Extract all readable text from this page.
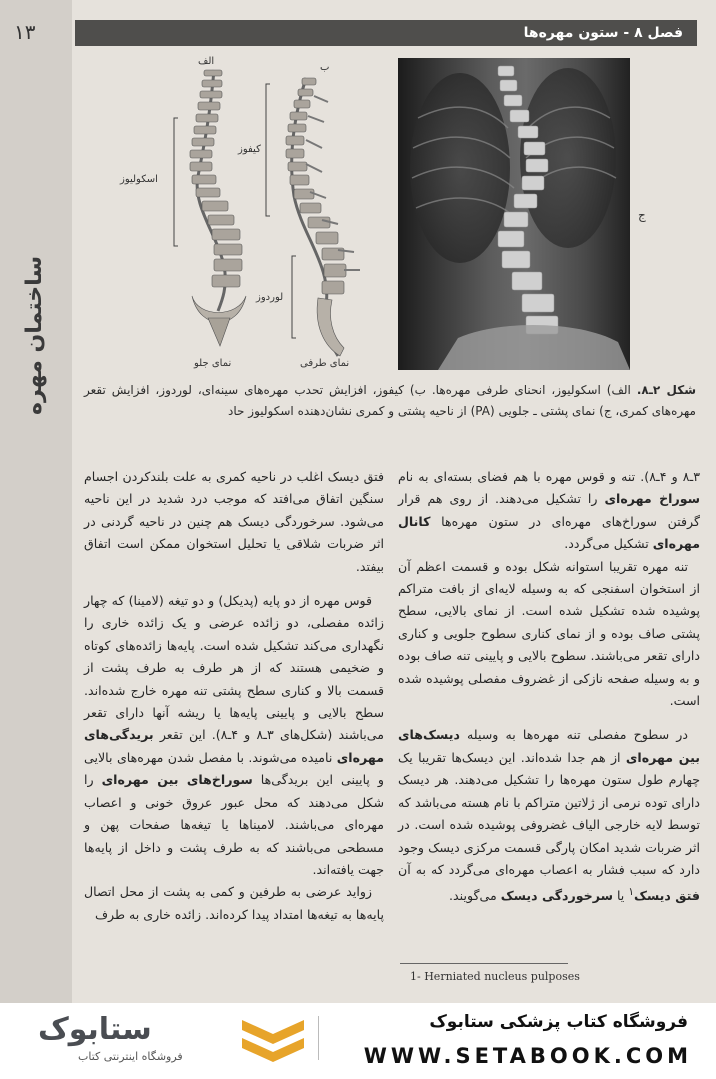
۱۳
ساختمان مهره
فصل ۸ - ستون مهره‌ها
الف
ب
اسکولیوز
کیفوز
لوردوز
نمای جلو	نمای طرفی
ج
شکل ۲ـ۸. الف) اسکولیوز، انحنای طرفی مهره‌ها. ب) کیفوز، افزایش تحدب مهره‌های سینه‌ای، لوردوز، افزایش تقعر مهره‌های کمری، ج) نمای پشتی ـ جلویی (PA) از ناحیه پشتی و کمری نشان‌دهنده اسکولیوز حاد

۳ـ۸ و ۴ـ۸). تنه و قوس مهره با هم فضای بسته‌ای به نام سوراخ مهره‌ای را تشکیل می‌دهند. از روی هم قرار گرفتن سوراخ‌های مهره‌ای در ستون مهره‌ها کانال مهره‌ای تشکیل می‌گردد.

تنه مهره تقریبا استوانه شکل بوده و قسمت اعظم آن از استخوان اسفنجی که به وسیله لایه‌ای از بافت متراکم پوشیده شده تشکیل شده است. از نمای بالایی، سطح پشتی صاف بوده و از نمای کناری سطوح جلویی و کناری دارای تقعر می‌باشند. سطوح بالایی و پایینی تنه صاف بوده و به وسیله صفحه نازکی از غضروف مفصلی پوشیده شده است.

در سطوح مفصلی تنه مهره‌ها به وسیله دیسک‌های بین مهره‌ای از هم جدا شده‌اند. این دیسک‌ها تقریبا یک چهارم طول ستون مهره‌ها را تشکیل می‌دهند. هر دیسک دارای توده نرمی از ژلاتین متراکم با نام هسته می‌باشد که توسط لایه خارجی الیاف غضروفی پوشیده شده است. در اثر ضربات شدید امکان پارگی قسمت مرکزی دیسک وجود دارد که سبب فشار به اعصاب مهره‌ای می‌گردد که به آن فتق دیسک$^۱$ یا سرخوردگی دیسک می‌گویند.

فتق دیسک اغلب در ناحیه کمری به علت بلندکردن اجسام سنگین اتفاق می‌افتد که موجب درد شدید در این ناحیه می‌شود. سرخوردگی دیسک هم چنین در ناحیه گردنی در اثر ضربات شلاقی یا تحلیل استخوان ممکن است اتفاق بیفتد.

قوس مهره از دو پایه (پدیکل) و دو تیغه (لامینا) که چهار زائده مفصلی، دو زائده عرضی و یک زائده خاری را نگهداری می‌کند تشکیل شده است. پایه‌ها زائده‌های کوتاه و ضخیمی هستند که از هر طرف به طرف پشت از قسمت بالا و کناری سطح پشتی تنه مهره خارج شده‌اند. سطح بالایی و پایینی پایه‌ها یا ریشه آنها دارای تقعر می‌باشند (شکل‌های ۳ـ۸ و ۴ـ۸). این تقعر بریدگی‌های مهره‌ای نامیده می‌شوند. با مفصل شدن مهره‌های بالایی و پایینی این بریدگی‌ها سوراخ‌های بین مهره‌ای را شکل می‌دهند که محل عبور عروق خونی و اعصاب مهره‌ای می‌باشند. لامیناها یا تیغه‌ها صفحات پهن و مسطحی می‌باشند که به طرف پشت و داخل از پایه‌ها جهت یافته‌اند.

زوايد عرضی به طرفین و کمی به پشت از محل اتصال پایه‌ها به تیغه‌ها امتداد پیدا کرده‌اند. زائده خاری به طرف

1- Herniated nucleus pulposes
ستابوک
فروشگاه اینترنتی کتاب
فروشگاه کتاب پزشکی ستابوک
WWW.SETABOOK.COM
